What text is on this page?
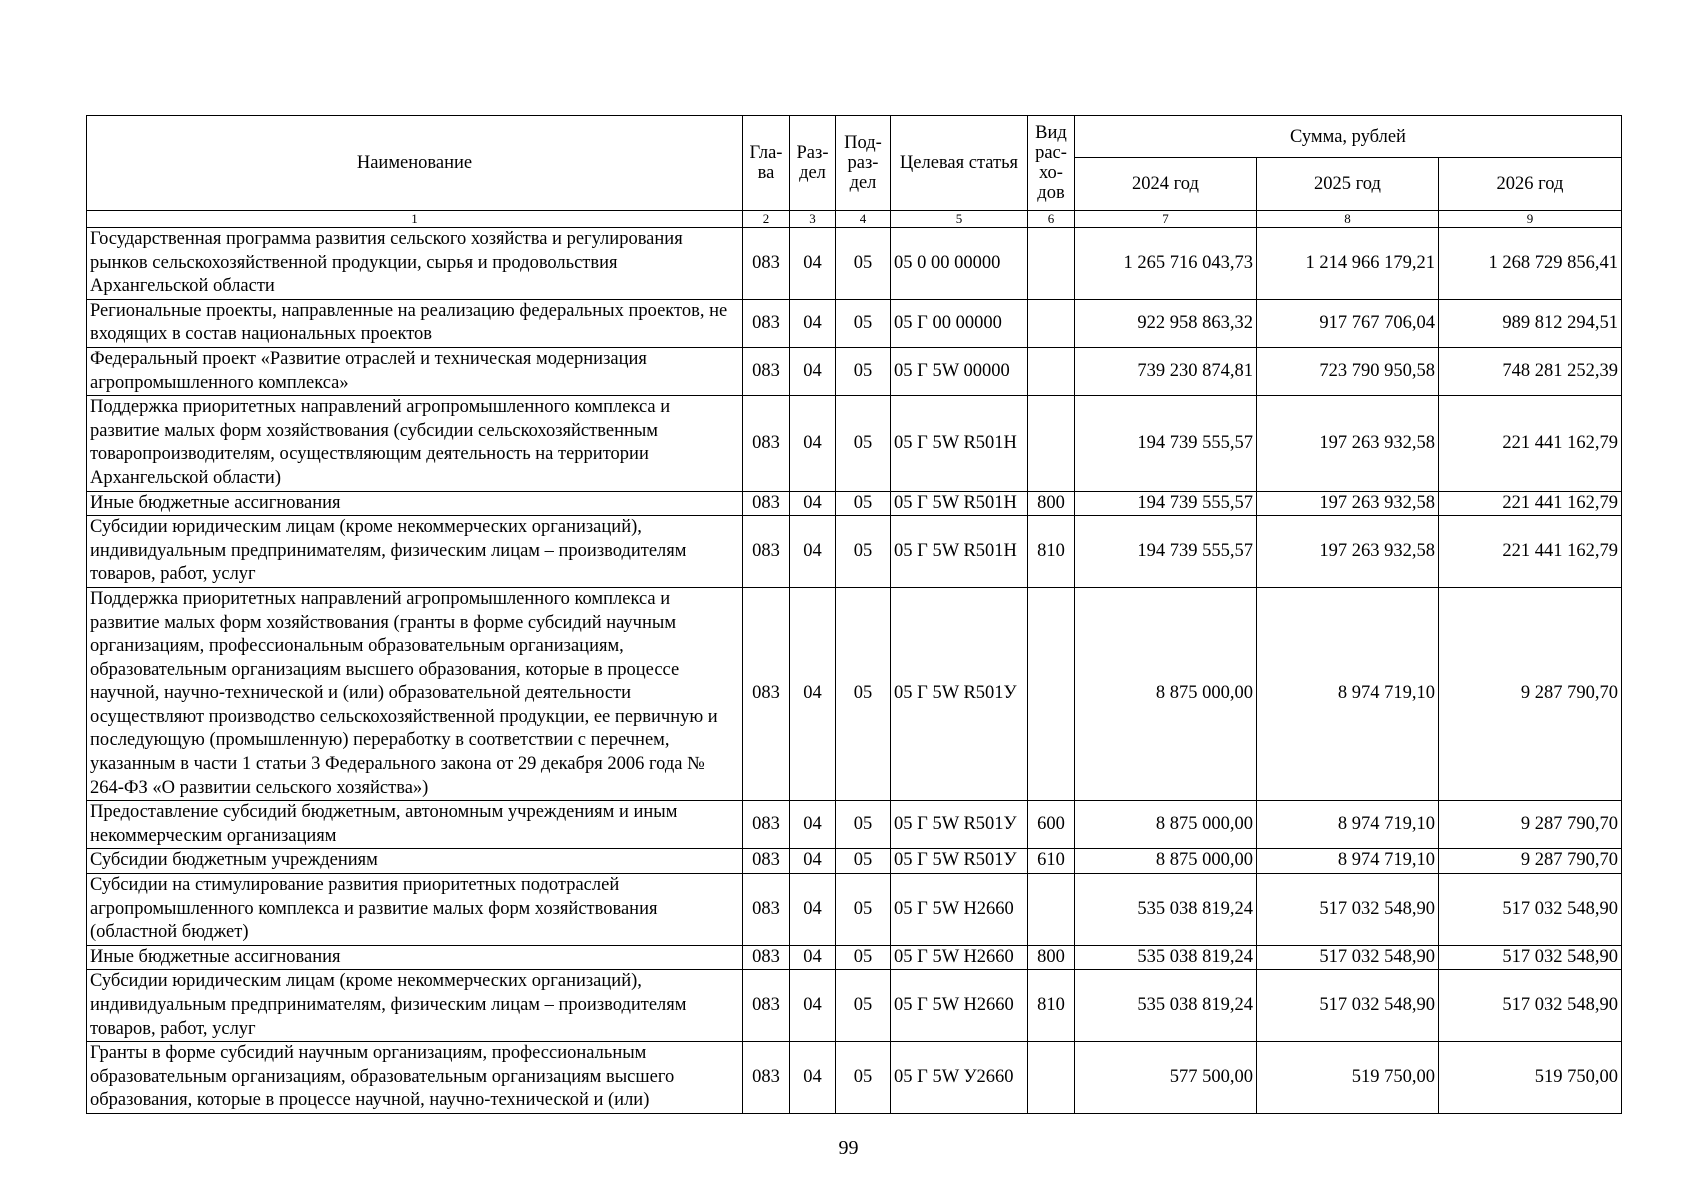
Наименование	Гла-ва	Раз-дел	Под-раз-дел	Целевая статья	Вид рас-хо-дов	Сумма, рублей		
						2024 год	2025 год	2026 год
1	2	3	4	5	6	7	8	9
Государственная программа развития сельского хозяйства и регулирования рынков сельскохозяйственной продукции, сырья и продовольствия Архангельской области	083	04	05	05 0 00 00000		1 265 716 043,73	1 214 966 179,21	1 268 729 856,41
Региональные проекты, направленные на реализацию федеральных проектов, не входящих в состав национальных проектов	083	04	05	05 Г 00 00000		922 958 863,32	917 767 706,04	989 812 294,51
Федеральный проект «Развитие отраслей и техническая модернизация агропромышленного комплекса»	083	04	05	05 Г 5W 00000		739 230 874,81	723 790 950,58	748 281 252,39
Поддержка приоритетных направлений агропромышленного комплекса и развитие малых форм хозяйствования (субсидии сельскохозяйственным товаропроизводителям, осуществляющим деятельность на территории Архангельской области)	083	04	05	05 Г 5W R501Н		194 739 555,57	197 263 932,58	221 441 162,79
Иные бюджетные ассигнования	083	04	05	05 Г 5W R501Н	800	194 739 555,57	197 263 932,58	221 441 162,79
Субсидии юридическим лицам (кроме некоммерческих организаций), индивидуальным предпринимателям, физическим лицам – производителям товаров, работ, услуг	083	04	05	05 Г 5W R501Н	810	194 739 555,57	197 263 932,58	221 441 162,79
Поддержка приоритетных направлений агропромышленного комплекса и развитие малых форм хозяйствования (гранты в форме субсидий научным организациям, профессиональным образовательным организациям, образовательным организациям высшего образования, которые в процессе научной, научно-технической и (или) образовательной деятельности осуществляют производство сельскохозяйственной продукции, ее первичную и последующую (промышленную) переработку в соответствии с перечнем, указанным в части 1 статьи 3 Федерального закона от 29 декабря 2006 года № 264-ФЗ «О развитии сельского хозяйства»)	083	04	05	05 Г 5W R501У		8 875 000,00	8 974 719,10	9 287 790,70
Предоставление субсидий бюджетным, автономным учреждениям и иным некоммерческим организациям	083	04	05	05 Г 5W R501У	600	8 875 000,00	8 974 719,10	9 287 790,70
Субсидии бюджетным учреждениям	083	04	05	05 Г 5W R501У	610	8 875 000,00	8 974 719,10	9 287 790,70
Субсидии на стимулирование развития приоритетных подотраслей агропромышленного комплекса и развитие малых форм хозяйствования (областной бюджет)	083	04	05	05 Г 5W Н2660		535 038 819,24	517 032 548,90	517 032 548,90
Иные бюджетные ассигнования	083	04	05	05 Г 5W Н2660	800	535 038 819,24	517 032 548,90	517 032 548,90
Субсидии юридическим лицам (кроме некоммерческих организаций), индивидуальным предпринимателям, физическим лицам – производителям товаров, работ, услуг	083	04	05	05 Г 5W Н2660	810	535 038 819,24	517 032 548,90	517 032 548,90
Гранты в форме субсидий научным организациям, профессиональным образовательным организациям, образовательным организациям высшего образования, которые в процессе научной, научно-технической и (или)	083	04	05	05 Г 5W У2660		577 500,00	519 750,00	519 750,00
99
